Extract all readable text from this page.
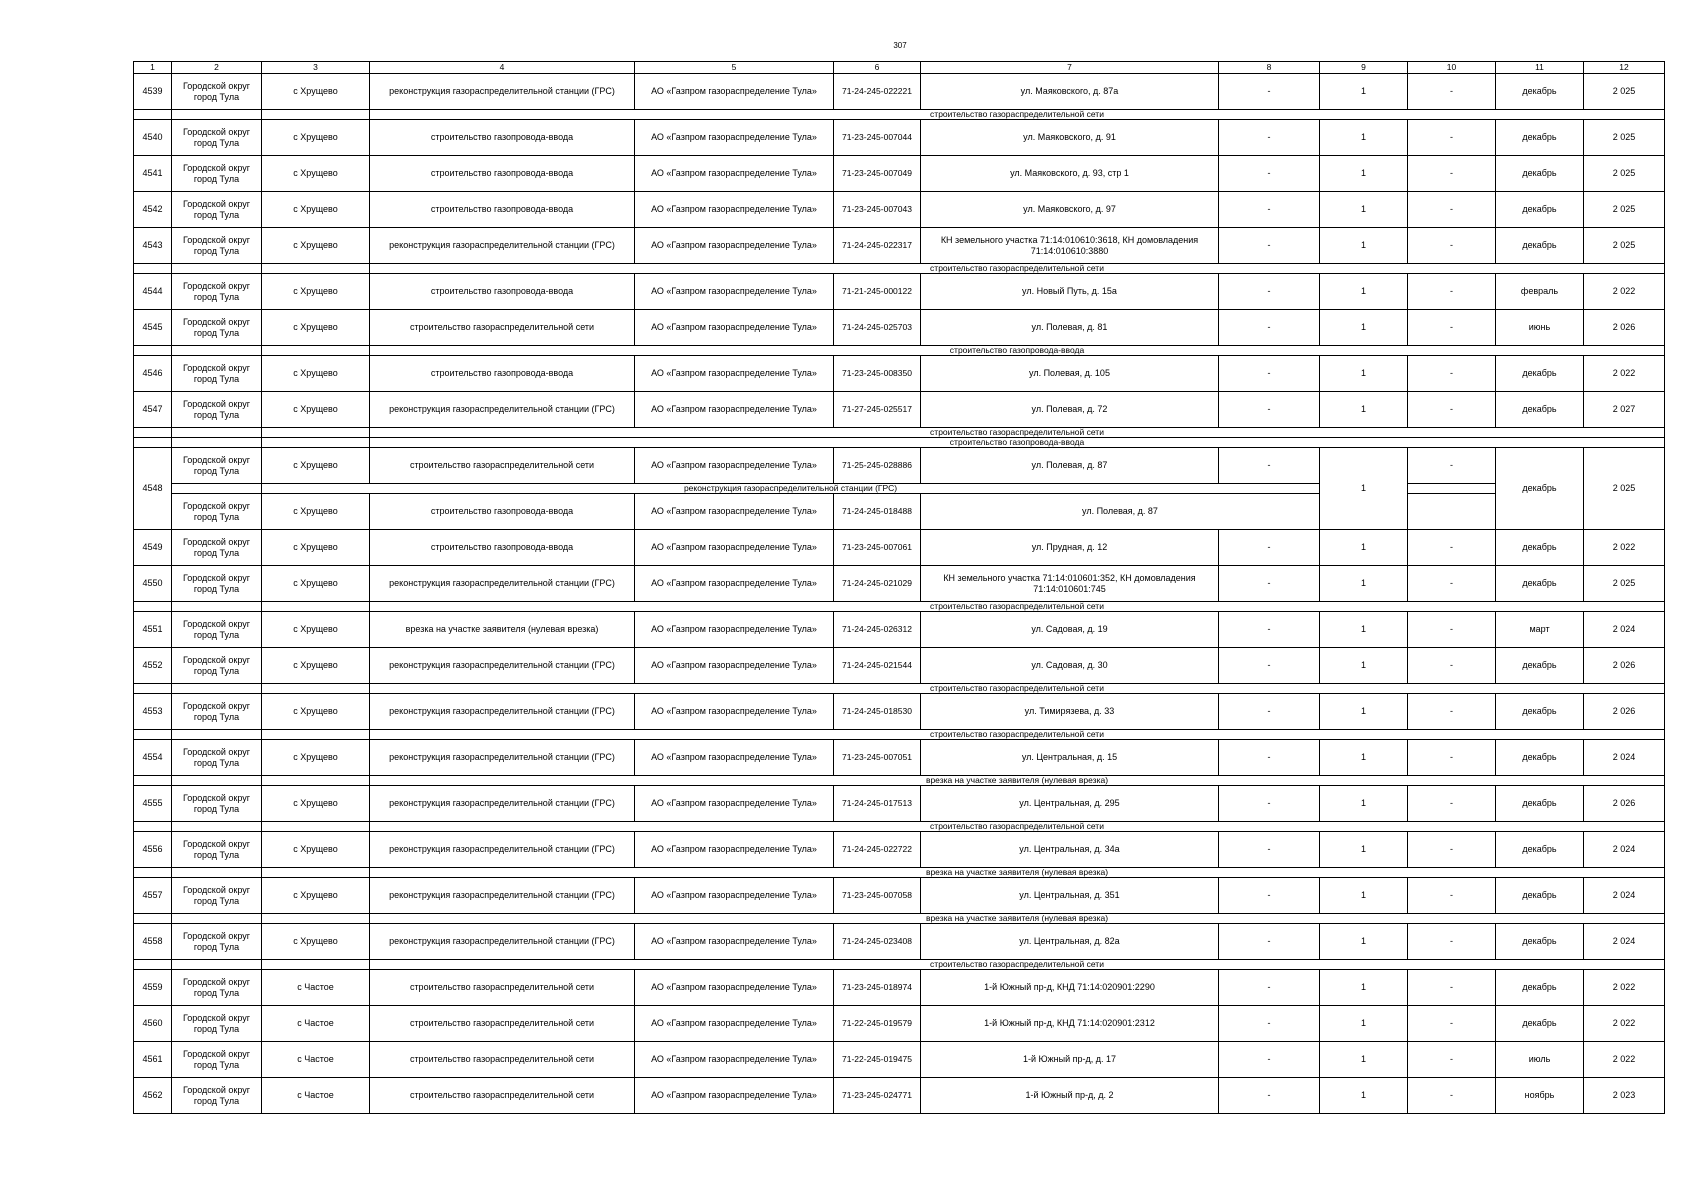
307
1	2	3	4	5	6	7	8	9	10	11	12	
4539	Городской округ город Тула	с Хрущево	реконструкция газораспределительной станции (ГРС)	АО «Газпром газораспределение Тула»	71-24-245-022221	ул. Маяковского, д. 87а	-	1	-	декабрь	2 025	
			строительство газораспределительной сети									
4540	Городской округ город Тула	с Хрущево	строительство газопровода-ввода	АО «Газпром газораспределение Тула»	71-23-245-007044	ул. Маяковского, д. 91	-	1	-	декабрь	2 025	
4541	Городской округ город Тула	с Хрущево	строительство газопровода-ввода	АО «Газпром газораспределение Тула»	71-23-245-007049	ул. Маяковского, д. 93, стр 1	-	1	-	декабрь	2 025	
4542	Городской округ город Тула	с Хрущево	строительство газопровода-ввода	АО «Газпром газораспределение Тула»	71-23-245-007043	ул. Маяковского, д. 97	-	1	-	декабрь	2 025	
4543	Городской округ город Тула	с Хрущево	реконструкция газораспределительной станции (ГРС)	АО «Газпром газораспределение Тула»	71-24-245-022317	КН земельного участка 71:14:010610:3618, КН домовладения 71:14:010610:3880	-	1	-	декабрь	2 025	
			строительство газораспределительной сети									
4544	Городской округ город Тула	с Хрущево	строительство газопровода-ввода	АО «Газпром газораспределение Тула»	71-21-245-000122	ул. Новый Путь, д. 15а	-	1	-	февраль	2 022	
4545	Городской округ город Тула	с Хрущево	строительство газораспределительной сети	АО «Газпром газораспределение Тула»	71-24-245-025703	ул. Полевая, д. 81	-	1	-	июнь	2 026	
			строительство газопровода-ввода									
4546	Городской округ город Тула	с Хрущево	строительство газопровода-ввода	АО «Газпром газораспределение Тула»	71-23-245-008350	ул. Полевая, д. 105	-	1	-	декабрь	2 022	
4547	Городской округ город Тула	с Хрущево	реконструкция газораспределительной станции (ГРС)	АО «Газпром газораспределение Тула»	71-27-245-025517	ул. Полевая, д. 72	-	1	-	декабрь	2 027	
			строительство газораспределительной сети									
			строительство газопровода-ввода									
4548	Городской округ город Тула	с Хрущево	строительство газораспределительной сети	АО «Газпром газораспределение Тула»	71-25-245-028886	ул. Полевая, д. 87	-	1	-	декабрь	2 025	
		реконструкция газораспределительной станции (ГРС)										
	Городской округ город Тула	с Хрущево	строительство газопровода-ввода	АО «Газпром газораспределение Тула»	71-24-245-018488	ул. Полевая, д. 87						
4549	Городской округ город Тула	с Хрущево	строительство газопровода-ввода	АО «Газпром газораспределение Тула»	71-23-245-007061	ул. Прудная, д. 12	-	1	-	декабрь	2 022	
4550	Городской округ город Тула	с Хрущево	реконструкция газораспределительной станции (ГРС)	АО «Газпром газораспределение Тула»	71-24-245-021029	КН земельного участка 71:14:010601:352, КН домовладения 71:14:010601:745	-	1	-	декабрь	2 025	
			строительство газораспределительной сети									
4551	Городской округ город Тула	с Хрущево	врезка на участке заявителя (нулевая врезка)	АО «Газпром газораспределение Тула»	71-24-245-026312	ул. Садовая, д. 19	-	1	-	март	2 024	
4552	Городской округ город Тула	с Хрущево	реконструкция газораспределительной станции (ГРС)	АО «Газпром газораспределение Тула»	71-24-245-021544	ул. Садовая, д. 30	-	1	-	декабрь	2 026	
			строительство газораспределительной сети									
4553	Городской округ город Тула	с Хрущево	реконструкция газораспределительной станции (ГРС)	АО «Газпром газораспределение Тула»	71-24-245-018530	ул. Тимирязева, д. 33	-	1	-	декабрь	2 026	
			строительство газораспределительной сети									
4554	Городской округ город Тула	с Хрущево	реконструкция газораспределительной станции (ГРС)	АО «Газпром газораспределение Тула»	71-23-245-007051	ул. Центральная, д. 15	-	1	-	декабрь	2 024	
			врезка на участке заявителя (нулевая врезка)									
4555	Городской округ город Тула	с Хрущево	реконструкция газораспределительной станции (ГРС)	АО «Газпром газораспределение Тула»	71-24-245-017513	ул. Центральная, д. 295	-	1	-	декабрь	2 026	
			строительство газораспределительной сети									
4556	Городской округ город Тула	с Хрущево	реконструкция газораспределительной станции (ГРС)	АО «Газпром газораспределение Тула»	71-24-245-022722	ул. Центральная, д. 34а	-	1	-	декабрь	2 024	
			врезка на участке заявителя (нулевая врезка)									
4557	Городской округ город Тула	с Хрущево	реконструкция газораспределительной станции (ГРС)	АО «Газпром газораспределение Тула»	71-23-245-007058	ул. Центральная, д. 351	-	1	-	декабрь	2 024	
			врезка на участке заявителя (нулевая врезка)									
4558	Городской округ город Тула	с Хрущево	реконструкция газораспределительной станции (ГРС)	АО «Газпром газораспределение Тула»	71-24-245-023408	ул. Центральная, д. 82а	-	1	-	декабрь	2 024	
			строительство газораспределительной сети									
4559	Городской округ город Тула	с Частое	строительство газораспределительной сети	АО «Газпром газораспределение Тула»	71-23-245-018974	1-й Южный пр-д, КНД 71:14:020901:2290	-	1	-	декабрь	2 022	
4560	Городской округ город Тула	с Частое	строительство газораспределительной сети	АО «Газпром газораспределение Тула»	71-22-245-019579	1-й Южный пр-д, КНД 71:14:020901:2312	-	1	-	декабрь	2 022	
4561	Городской округ город Тула	с Частое	строительство газораспределительной сети	АО «Газпром газораспределение Тула»	71-22-245-019475	1-й Южный пр-д, д. 17	-	1	-	июль	2 022	
4562	Городской округ город Тула	с Частое	строительство газораспределительной сети	АО «Газпром газораспределение Тула»	71-23-245-024771	1-й Южный пр-д, д. 2	-	1	-	ноябрь	2 023	
